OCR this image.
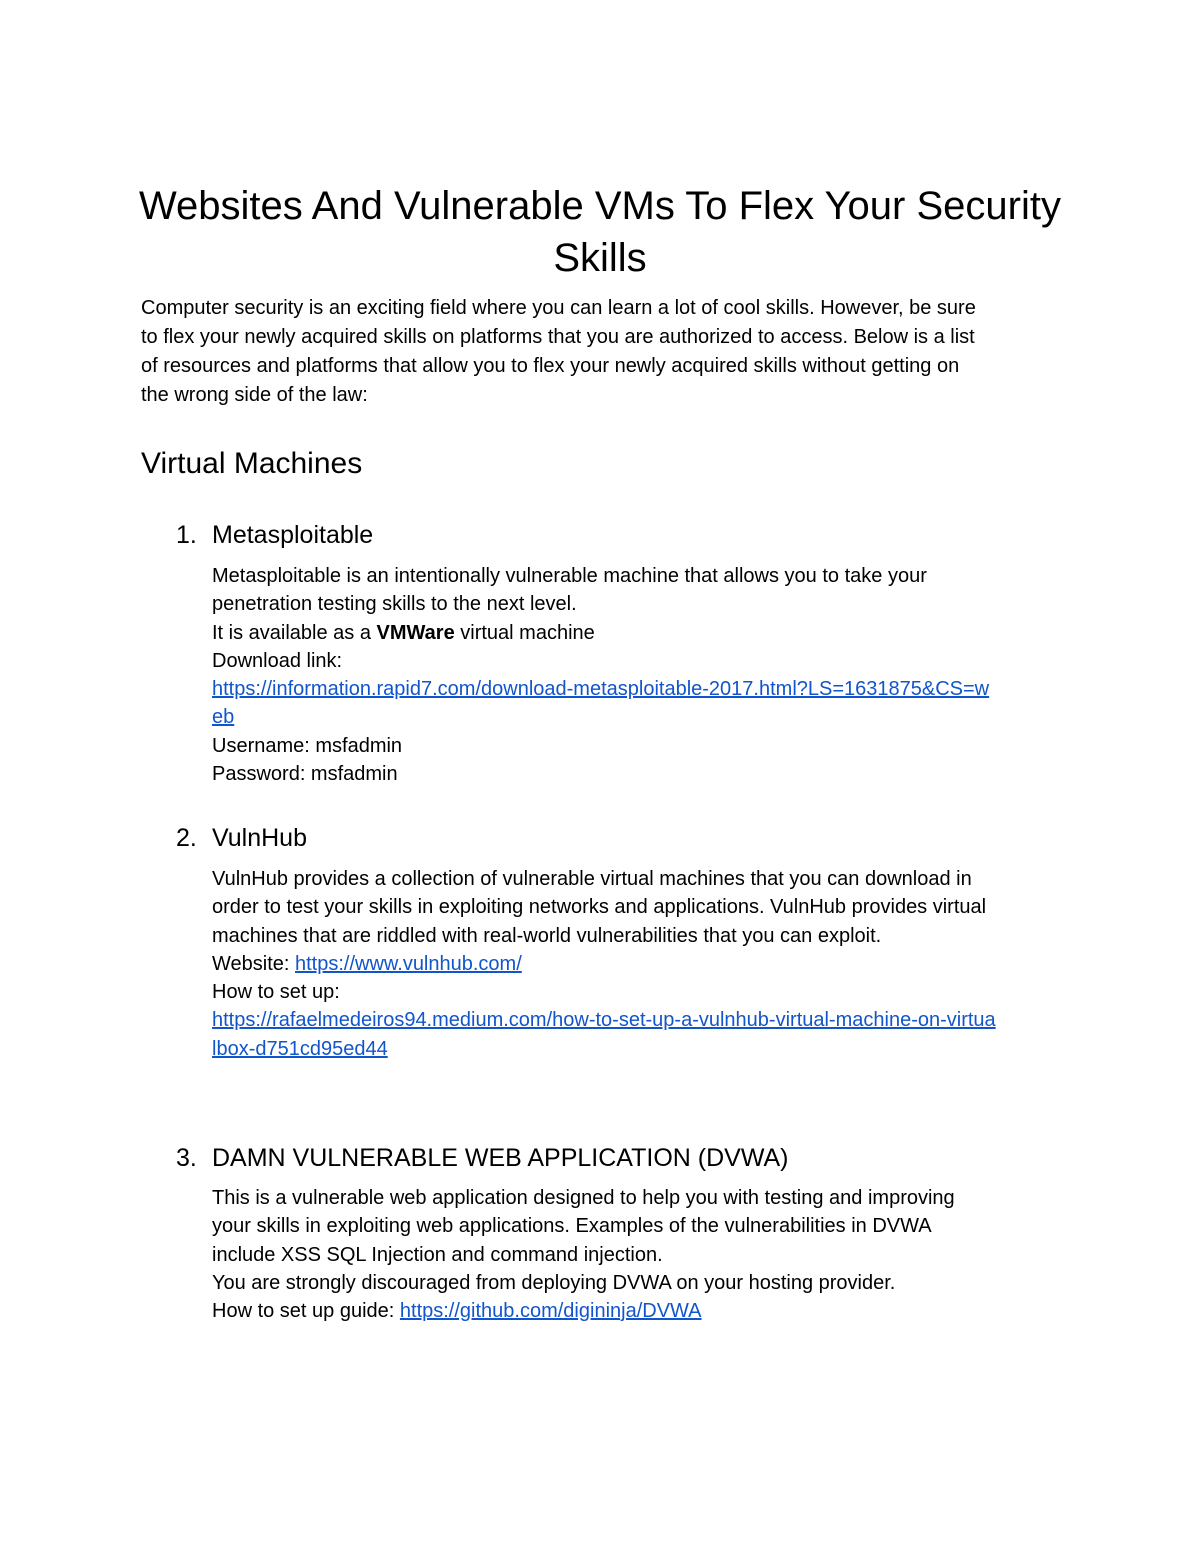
Websites And Vulnerable VMs To Flex Your Security
Skills

Computer security is an exciting field where you can learn a lot of cool skills. However, be sure
to flex your newly acquired skills on platforms that you are authorized to access. Below is a list
of resources and platforms that allow you to flex your newly acquired skills without getting on
the wrong side of the law:

Virtual Machines
1. Metasploitable
Metasploitable is an intentionally vulnerable machine that allows you to take your
penetration testing skills to the next level.
It is available as a VMWare virtual machine
Download link:
https://information.rapid7.com/download-metasploitable-2017.html?LS=1631875&CS=w
eb
Username: msfadmin
Password: msfadmin
2. VulnHub
VulnHub provides a collection of vulnerable virtual machines that you can download in
order to test your skills in exploiting networks and applications. VulnHub provides virtual
machines that are riddled with real-world vulnerabilities that you can exploit.
Website: https://www.vulnhub.com/
How to set up:
https://rafaelmedeiros94.medium.com/how-to-set-up-a-vulnhub-virtual-machine-on-virtua
lbox-d751cd95ed44
3. DAMN VULNERABLE WEB APPLICATION (DVWA)
This is a vulnerable web application designed to help you with testing and improving
your skills in exploiting web applications. Examples of the vulnerabilities in DVWA
include XSS SQL Injection and command injection.
You are strongly discouraged from deploying DVWA on your hosting provider.
How to set up guide: https://github.com/digininja/DVWA
